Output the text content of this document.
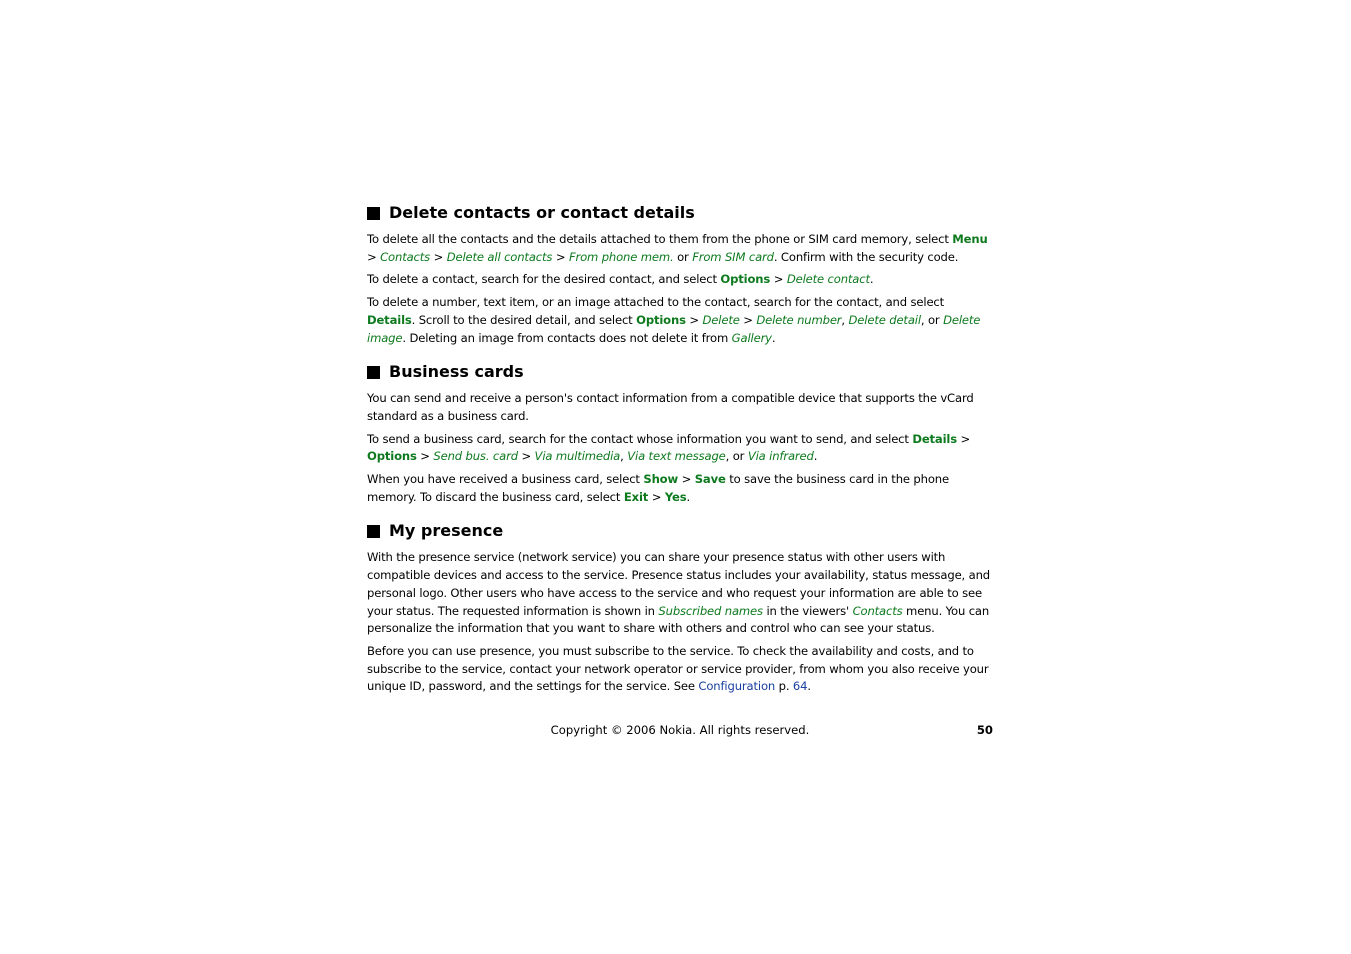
Delete contacts or contact details

To delete all the contacts and the details attached to them from the phone or SIM card memory, select Menu > Contacts > Delete all contacts > From phone mem. or From SIM card. Confirm with the security code.

To delete a contact, search for the desired contact, and select Options > Delete contact.

To delete a number, text item, or an image attached to the contact, search for the contact, and select Details. Scroll to the desired detail, and select Options > Delete > Delete number, Delete detail, or Delete image. Deleting an image from contacts does not delete it from Gallery.

Business cards

You can send and receive a person's contact information from a compatible device that supports the vCard standard as a business card.

To send a business card, search for the contact whose information you want to send, and select Details > Options > Send bus. card > Via multimedia, Via text message, or Via infrared.

When you have received a business card, select Show > Save to save the business card in the phone memory. To discard the business card, select Exit > Yes.

My presence

With the presence service (network service) you can share your presence status with other users with compatible devices and access to the service. Presence status includes your availability, status message, and personal logo. Other users who have access to the service and who request your information are able to see your status. The requested information is shown in Subscribed names in the viewers' Contacts menu. You can personalize the information that you want to share with others and control who can see your status.

Before you can use presence, you must subscribe to the service. To check the availability and costs, and to subscribe to the service, contact your network operator or service provider, from whom you also receive your unique ID, password, and the settings for the service. See Configuration p. 64.

Copyright © 2006 Nokia. All rights reserved.	50
